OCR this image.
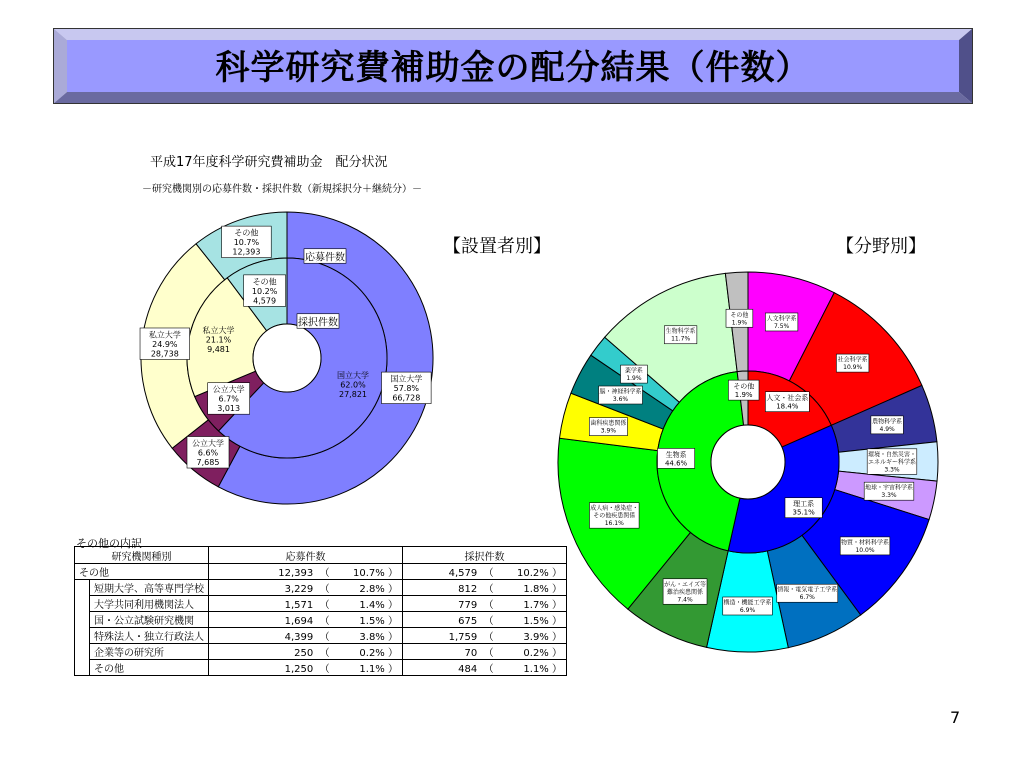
科学研究費補助金の配分結果（件数）
平成17年度科学研究費補助金　配分状況
－研究機関別の応募件数・採択件数（新規採択分＋継続分）－
【設置者別】	【分野別】
国立大学
57.8%
66,728
公立大学
6.6%
7,685
私立大学
24.9%
28,738
その他
10.7%
12,393
国立大学
62.0%
27,821
公立大学
6.7%
3,013
私立大学
21.1%
9,481
その他
10.2%
4,579
応募件数
採択件数	人文科学系
7.5%
社会科学系
10.9%
農物科学系
4.9%
環境・自然災害・
エネルギー科学系
3.3%
地球・宇宙科学系
3.3%
物質・材料科学系
10.0%
情報・電気電子工学系
6.7%
構造・機能工学系
6.9%
がん・エイズ等
難治疾患関係
7.4%
成人病・感染症・
その他疾患関係
16.1%
歯科疾患関係
3.9%
脳・神経科学系
3.6%
薬学系
1.9%
生物科学系
11.7%
その他
1.9%
人文・社会系
18.4%
理工系
35.1%
生物系
44.6%
その他
1.9%
その他の内訳
研究機関種別		応募件数	採択件数
その他		12,393  （ 10.7% ）	4,579  （ 10.2% ）
	短期大学、高等専門学校	3,229  （ 2.8% ）	812  （ 1.8% ）
	大学共同利用機関法人	1,571  （ 1.4% ）	779  （ 1.7% ）
	国・公立試験研究機関	1,694  （ 1.5% ）	675  （ 1.5% ）
	特殊法人・独立行政法人	4,399  （ 3.8% ）	1,759  （ 3.9% ）
	企業等の研究所	250  （ 0.2% ）	70  （ 0.2% ）
	その他	1,250  （ 1.1% ）	484  （ 1.1% ）
7
